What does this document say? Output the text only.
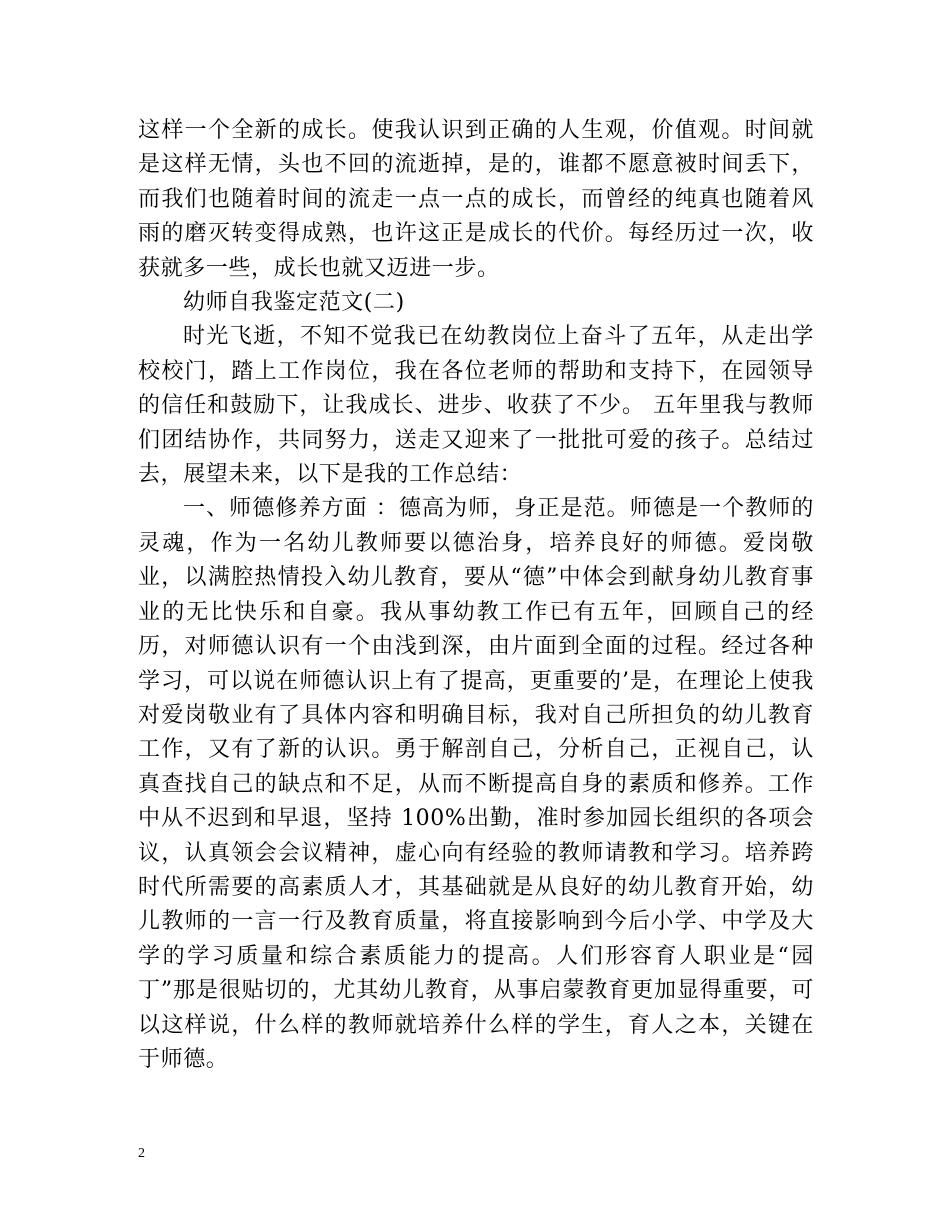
这样一个全新的成长。使我认识到正确的人生观，价值观。时间就是这样无情，头也不回的流逝掉，是的，谁都不愿意被时间丢下，而我们也随着时间的流走一点一点的成长，而曾经的纯真也随着风雨的磨灭转变得成熟，也许这正是成长的代价。每经历过一次，收获就多一些，成长也就又迈进一步。

幼师自我鉴定范文(二)

时光飞逝，不知不觉我已在幼教岗位上奋斗了五年，从走出学校校门，踏上工作岗位，我在各位老师的帮助和支持下，在园领导的信任和鼓励下，让我成长、进步、收获了不少。 五年里我与教师们团结协作，共同努力，送走又迎来了一批批可爱的孩子。总结过去，展望未来，以下是我的工作总结：

一、师德修养方面 ：德高为师，身正是范。师德是一个教师的灵魂，作为一名幼儿教师要以德治身，培养良好的师德。爱岗敬业，以满腔热情投入幼儿教育，要从“德”中体会到献身幼儿教育事业的无比快乐和自豪。我从事幼教工作已有五年，回顾自己的经历，对师德认识有一个由浅到深，由片面到全面的过程。经过各种学习，可以说在师德认识上有了提高，更重要的’是，在理论上使我对爱岗敬业有了具体内容和明确目标，我对自己所担负的幼儿教育工作，又有了新的认识。勇于解剖自己，分析自己，正视自己，认真查找自己的缺点和不足，从而不断提高自身的素质和修养。工作中从不迟到和早退，坚持 100%出勤，准时参加园长组织的各项会议，认真领会会议精神，虚心向有经验的教师请教和学习。培养跨时代所需要的高素质人才，其基础就是从良好的幼儿教育开始，幼儿教师的一言一行及教育质量，将直接影响到今后小学、中学及大学的学习质量和综合素质能力的提高。人们形容育人职业是“园丁”那是很贴切的，尤其幼儿教育，从事启蒙教育更加显得重要，可以这样说，什么样的教师就培养什么样的学生，育人之本，关键在于师德。

2
